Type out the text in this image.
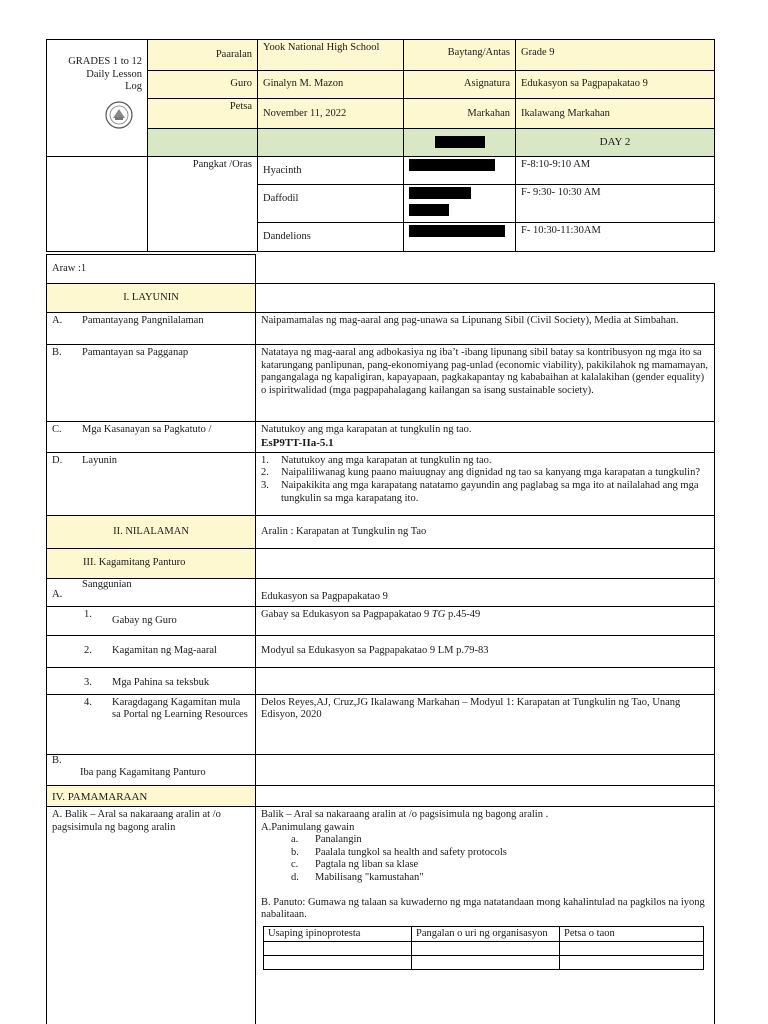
GRADES 1 to 12
Daily Lesson
Log	Paaralan	Yook National High School	Baytang/Antas	Grade 9
	Guro	Ginalyn M. Mazon	Asignatura	Edukasyon sa Pagpapakatao 9
	Petsa	November 11, 2022	Markahan	Ikalawang Markahan
				DAY 2
	Pangkat /Oras	Hyacinth		F-8:10-9:10 AM
		Daffodil		F- 9:30- 10:30 AM
		Dandelions		F- 10:30-11:30AM
Araw :1	
I. LAYUNIN	
A. Pamantayang Pangnilalaman	Naipamamalas ng mag-aaral ang pag-unawa sa Lipunang Sibil (Civil Society), Media at Simbahan.
B. Pamantayan sa Pagganap	Natataya ng mag-aaral ang adbokasiya ng iba’t -ibang lipunang sibil batay sa kontribusyon ng mga ito sa katarungang panlipunan, pang-ekonomiyang pag-unlad (economic viability), pakikilahok ng mamamayan, pangangalaga ng kapaligiran, kapayapaan, pagkakapantay ng kababaihan at kalalakihan (gender equality) o ispiritwalidad (mga pagpapahalagang kailangan sa isang sustainable society).
C. Mga Kasanayan sa Pagkatuto /	Natutukoy ang mga karapatan at tungkulin ng tao.
EsP9TT-IIa-5.1

D. Layunin	1.	Natutukoy ang mga karapatan at tungkulin ng tao.
2.	Naipaliliwanag kung paano maiuugnay ang dignidad ng tao sa kanyang mga karapatan a tungkulin?
3.	Naipakikita ang mga karapatang natatamo gayundin ang paglabag sa mga ito at nailalahad ang mga tungkulin sa mga karapatang ito.

II. NILALAMAN	Aralin : Karapatan at Tungkulin ng Tao
III. Kagamitang Panturo	

A.
Sanggunian
	Edukasyon sa Pagpapakatao 9

1.
Gabay ng Guro
	Gabay sa Edukasyon sa Pagpapakatao 9 TG p.45-49
2. Kagamitan ng Mag-aaral	Modyul sa Edukasyon sa Pagpapakatao 9 LM p.79-83
3. Mga Pahina sa teksbuk	

4.	Karagdagang Kagamitan mula sa Portal ng Learning Resources
	Delos Reyes,AJ, Cruz,JG Ikalawang Markahan – Modyul 1: Karapatan at Tungkulin ng Tao, Unang Edisyon, 2020

B.
Iba pang Kagamitang Panturo

IV. PAMAMARAAN	
A. Balik – Aral sa nakaraang aralin at /o pagsisimula ng bagong aralin	
Balik – Aral sa nakaraang aralin at /o pagsisimula ng bagong aralin .
A.Panimulang gawain
a.	Panalangin
b.	Paalala tungkol sa health and safety protocols
c.	Pagtala ng liban sa klase
d.	Mabilisang "kamustahan"
B. Panuto: Gumawa ng talaan sa kuwaderno ng mga natatandaan mong kahalintulad na pagkilos na iyong nabalitaan.
Usaping ipinoprotesta	Pangalan o uri ng organisasyon	Petsa o taon
